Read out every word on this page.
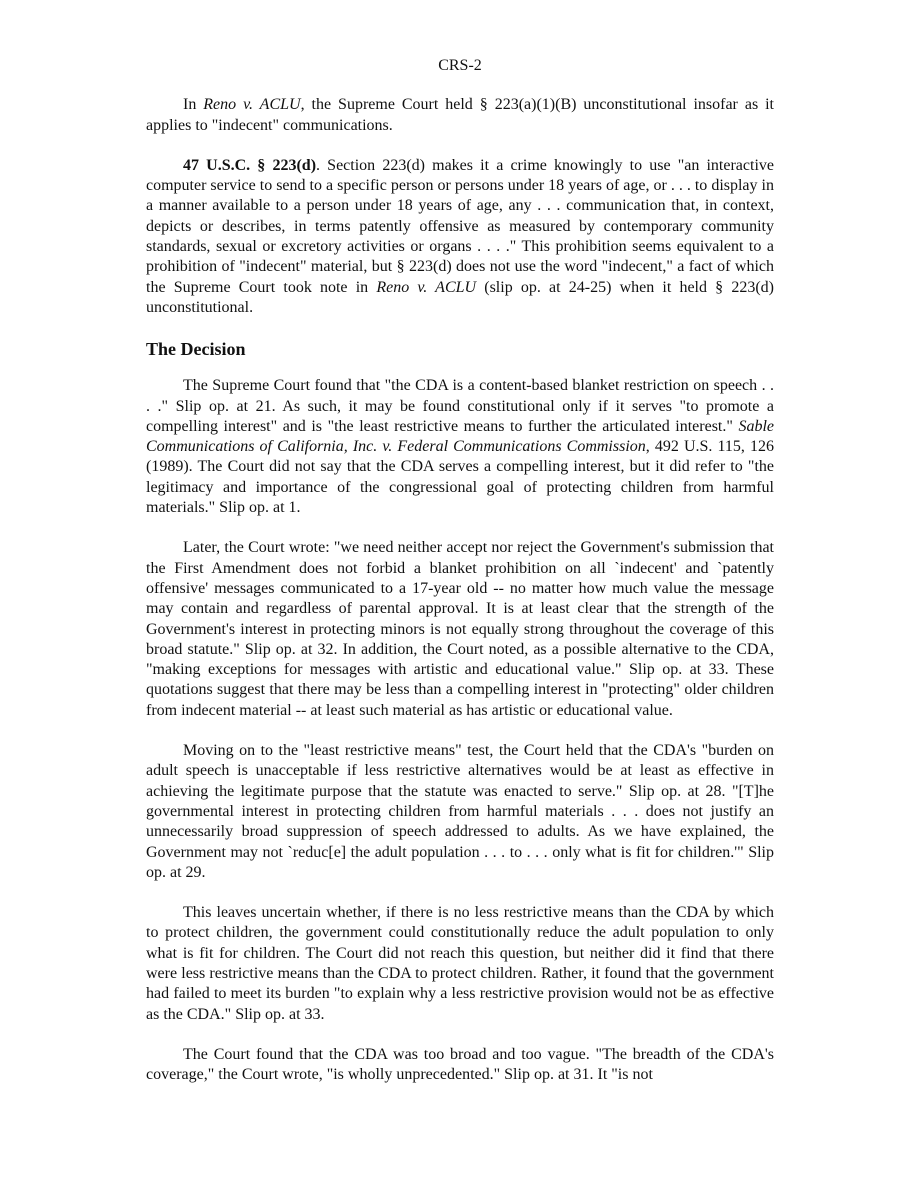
CRS-2

In Reno v. ACLU, the Supreme Court held § 223(a)(1)(B) unconstitutional insofar as it applies to "indecent" communications.

47 U.S.C. § 223(d). Section 223(d) makes it a crime knowingly to use "an interactive computer service to send to a specific person or persons under 18 years of age, or . . . to display in a manner available to a person under 18 years of age, any . . . communication that, in context, depicts or describes, in terms patently offensive as measured by contemporary community standards, sexual or excretory activities or organs . . . ." This prohibition seems equivalent to a prohibition of "indecent" material, but § 223(d) does not use the word "indecent," a fact of which the Supreme Court took note in Reno v. ACLU (slip op. at 24-25) when it held § 223(d) unconstitutional.

The Decision

The Supreme Court found that "the CDA is a content-based blanket restriction on speech . . . ." Slip op. at 21. As such, it may be found constitutional only if it serves "to promote a compelling interest" and is "the least restrictive means to further the articulated interest." Sable Communications of California, Inc. v. Federal Communications Commission, 492 U.S. 115, 126 (1989). The Court did not say that the CDA serves a compelling interest, but it did refer to "the legitimacy and importance of the congressional goal of protecting children from harmful materials." Slip op. at 1.

Later, the Court wrote: "we need neither accept nor reject the Government's submission that the First Amendment does not forbid a blanket prohibition on all `indecent' and `patently offensive' messages communicated to a 17-year old -- no matter how much value the message may contain and regardless of parental approval. It is at least clear that the strength of the Government's interest in protecting minors is not equally strong throughout the coverage of this broad statute." Slip op. at 32. In addition, the Court noted, as a possible alternative to the CDA, "making exceptions for messages with artistic and educational value." Slip op. at 33. These quotations suggest that there may be less than a compelling interest in "protecting" older children from indecent material -- at least such material as has artistic or educational value.

Moving on to the "least restrictive means" test, the Court held that the CDA's "burden on adult speech is unacceptable if less restrictive alternatives would be at least as effective in achieving the legitimate purpose that the statute was enacted to serve." Slip op. at 28. "[T]he governmental interest in protecting children from harmful materials . . . does not justify an unnecessarily broad suppression of speech addressed to adults. As we have explained, the Government may not `reduc[e] the adult population . . . to . . . only what is fit for children.'" Slip op. at 29.

This leaves uncertain whether, if there is no less restrictive means than the CDA by which to protect children, the government could constitutionally reduce the adult population to only what is fit for children. The Court did not reach this question, but neither did it find that there were less restrictive means than the CDA to protect children. Rather, it found that the government had failed to meet its burden "to explain why a less restrictive provision would not be as effective as the CDA." Slip op. at 33.

The Court found that the CDA was too broad and too vague. "The breadth of the CDA's coverage," the Court wrote, "is wholly unprecedented." Slip op. at 31. It "is not
